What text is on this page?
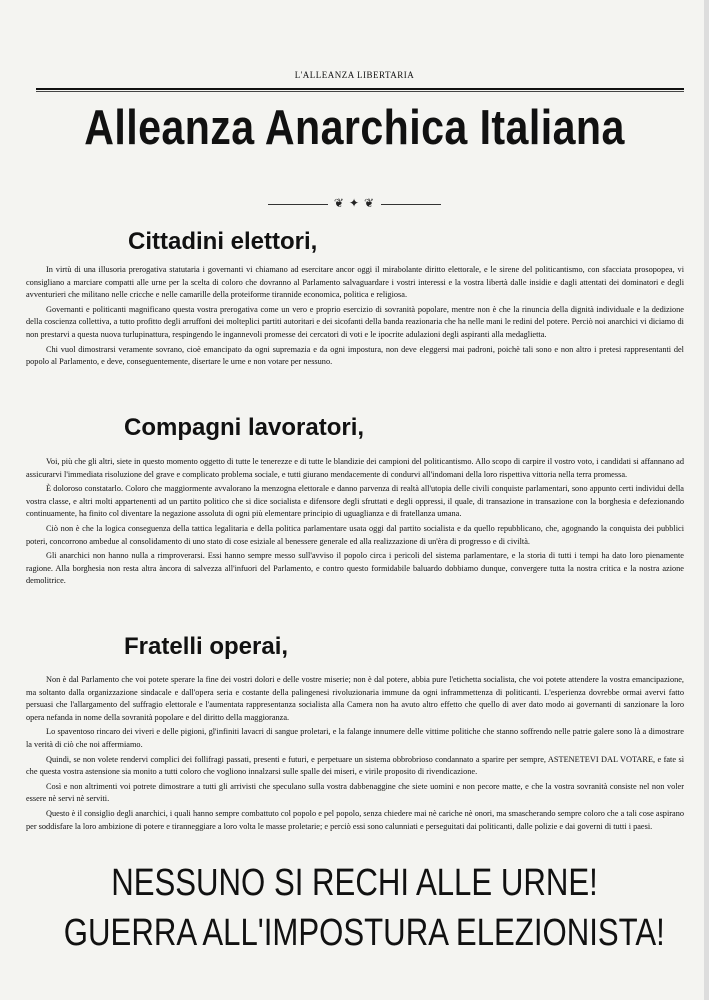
L'ALLEANZA LIBERTARIA
Alleanza Anarchica Italiana
❦ ✦ ❦
Cittadini elettori,

In virtù di una illusoria prerogativa statutaria i governanti vi chiamano ad esercitare ancor oggi il mirabolante diritto elettorale, e le sirene del politicantismo, con sfacciata prosopopea, vi consigliano a marciare compatti alle urne per la scelta di coloro che dovranno al Parlamento salvaguardare i vostri interessi e la vostra libertà dalle insidie e dagli attentati dei dominatori e degli avventurieri che militano nelle cricche e nelle camarille della proteiforme tirannide economica, politica e religiosa.

Governanti e politicanti magnificano questa vostra prerogativa come un vero e proprio esercizio di sovranità popolare, mentre non è che la rinuncia della dignità individuale e la dedizione della coscienza collettiva, a tutto profitto degli arruffoni dei molteplici partiti autoritari e dei sicofanti della banda reazionaria che ha nelle mani le redini del potere. Perciò noi anarchici vi diciamo di non prestarvi a questa nuova turlupinattura, respingendo le ingannevoli promesse dei cercatori di voti e le ipocrite adulazioni degli aspiranti alla medaglietta.

Chi vuol dimostrarsi veramente sovrano, cioè emancipato da ogni supremazia e da ogni impostura, non deve eleggersi mai padroni, poichè tali sono e non altro i pretesi rappresentanti del popolo al Parlamento, e deve, conseguentemente, disertare le urne e non votare per nessuno.

Compagni lavoratori,

Voi, più che gli altri, siete in questo momento oggetto di tutte le tenerezze e di tutte le blandizie dei campioni del politicantismo. Allo scopo di carpire il vostro voto, i candidati si affannano ad assicurarvi l'immediata risoluzione del grave e complicato problema sociale, e tutti giurano mendacemente di condurvi all'indomani della loro rispettiva vittoria nella terra promessa.

È doloroso constatarlo. Coloro che maggiormente avvalorano la menzogna elettorale e danno parvenza di realtà all'utopia delle civili conquiste parlamentari, sono appunto certi individui della vostra classe, e altri molti appartenenti ad un partito politico che si dice socialista e difensore degli sfruttati e degli oppressi, il quale, di transazione in transazione con la borghesia e defezionando continuamente, ha finito col diventare la negazione assoluta di ogni più elementare principio di uguaglianza e di fratellanza umana.

Ciò non è che la logica conseguenza della tattica legalitaria e della politica parlamentare usata oggi dal partito socialista e da quello repubblicano, che, agognando la conquista dei pubblici poteri, concorrono ambedue al consolidamento di uno stato di cose esiziale al benessere generale ed alla realizzazione di un'èra di progresso e di civiltà.

Gli anarchici non hanno nulla a rimproverarsi. Essi hanno sempre messo sull'avviso il popolo circa i pericoli del sistema parlamentare, e la storia di tutti i tempi ha dato loro pienamente ragione. Alla borghesia non resta altra àncora di salvezza all'infuori del Parlamento, e contro questo formidabile baluardo dobbiamo dunque, convergere tutta la nostra critica e la nostra azione demolitrice.

Fratelli operai,

Non è dal Parlamento che voi potete sperare la fine dei vostri dolori e delle vostre miserie; non è dal potere, abbia pure l'etichetta socialista, che voi potete attendere la vostra emancipazione, ma soltanto dalla organizzazione sindacale e dall'opera seria e costante della palingenesi rivoluzionaria immune da ogni inframmettenza di politicanti. L'esperienza dovrebbe ormai avervi fatto persuasi che l'allargamento del suffragio elettorale e l'aumentata rappresentanza socialista alla Camera non ha avuto altro effetto che quello di aver dato modo ai governanti di sanzionare la loro opera nefanda in nome della sovranità popolare e del diritto della maggioranza.

Lo spaventoso rincaro dei viveri e delle pigioni, gl'infiniti lavacri di sangue proletari, e la falange innumere delle vittime politiche che stanno soffrendo nelle patrie galere sono là a dimostrare la verità di ciò che noi affermiamo.

Quindi, se non volete rendervi complici dei follifragi passati, presenti e futuri, e perpetuare un sistema obbrobrioso condannato a sparire per sempre, ASTENETEVI DAL VOTARE, e fate sì che questa vostra astensione sia monito a tutti coloro che vogliono innalzarsi sulle spalle dei miseri, e virile proposito di rivendicazione.

Così e non altrimenti voi potrete dimostrare a tutti gli arrivisti che speculano sulla vostra dabbenaggine che siete uomini e non pecore matte, e che la vostra sovranità consiste nel non voler essere nè servi nè serviti.

Questo è il consiglio degli anarchici, i quali hanno sempre combattuto col popolo e pel popolo, senza chiedere mai nè cariche nè onori, ma smascherando sempre coloro che a tali cose aspirano per soddisfare la loro ambizione di potere e tiranneggiare a loro volta le masse proletarie; e perciò essi sono calunniati e perseguitati dai politicanti, dalle polizie e dai governi di tutti i paesi.

NESSUNO SI RECHI ALLE URNE!
GUERRA ALL'IMPOSTURA ELEZIONISTA!
